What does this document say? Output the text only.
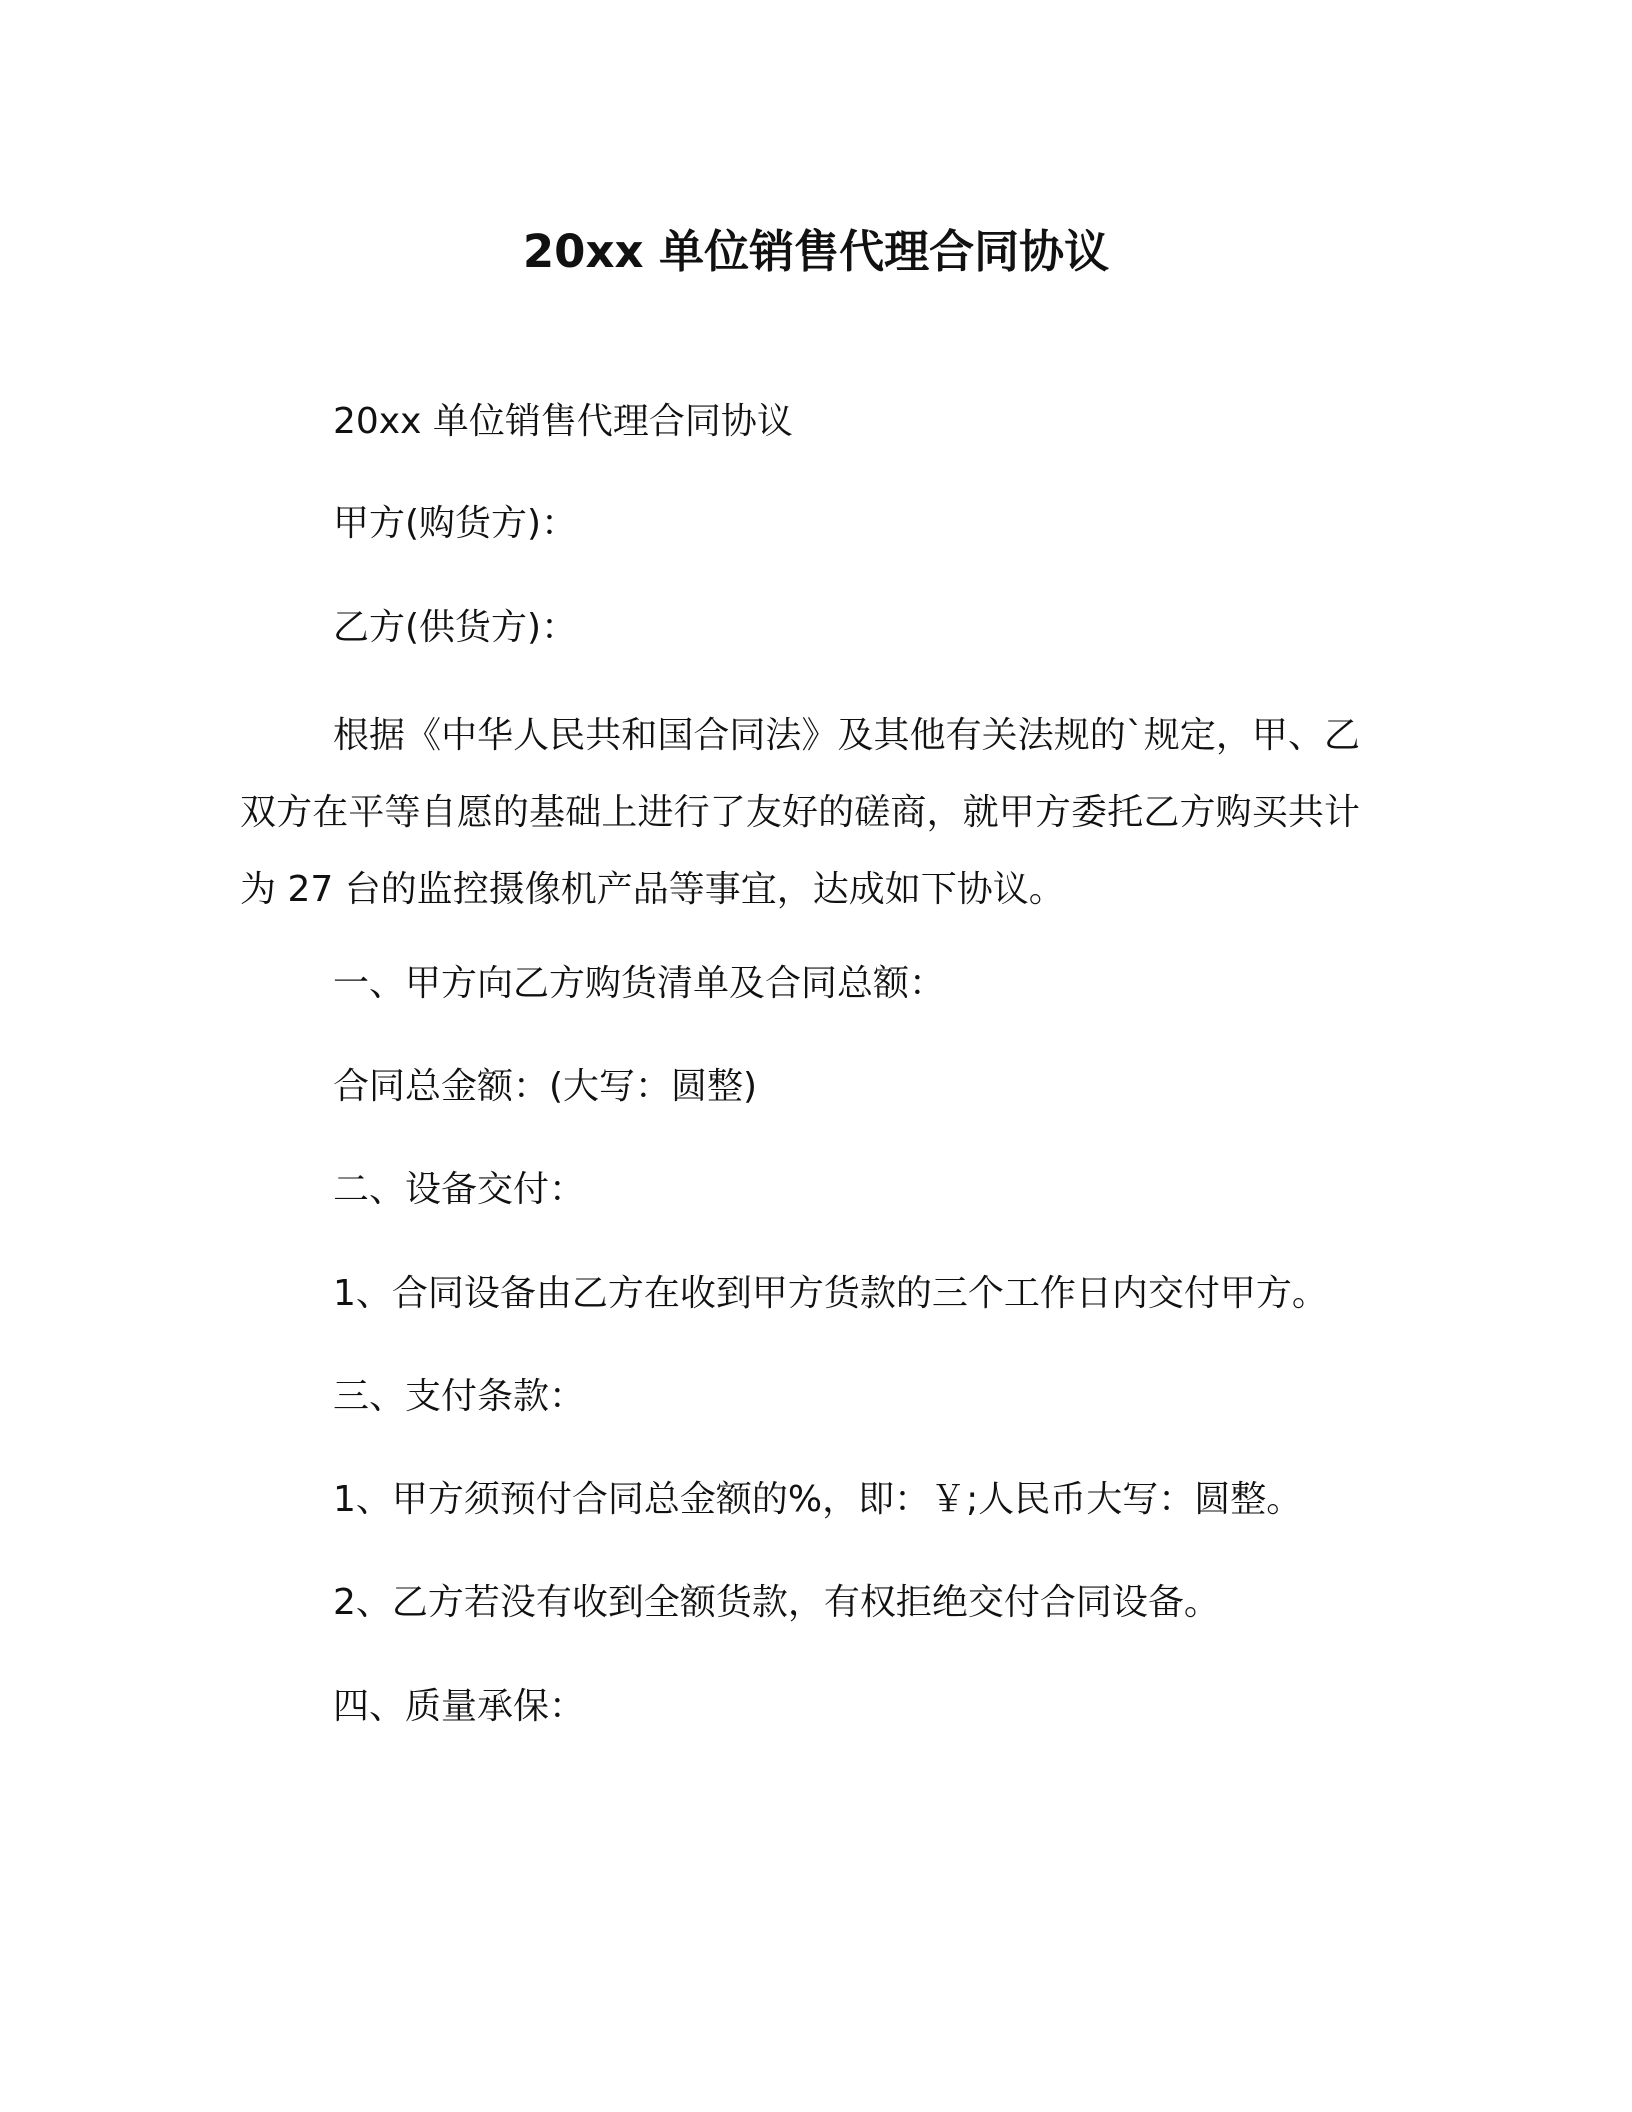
20xx 单位销售代理合同协议

20xx 单位销售代理合同协议

甲方(购货方)：

乙方(供货方)：

根据《中华人民共和国合同法》及其他有关法规的`规定，甲、乙双方在平等自愿的基础上进行了友好的磋商，就甲方委托乙方购买共计为 27 台的监控摄像机产品等事宜，达成如下协议。

一、甲方向乙方购货清单及合同总额：

合同总金额：(大写：圆整)

二、设备交付：

1、合同设备由乙方在收到甲方货款的三个工作日内交付甲方。

三、支付条款：

1、甲方须预付合同总金额的%，即：￥;人民币大写：圆整。

2、乙方若没有收到全额货款，有权拒绝交付合同设备。

四、质量承保：
